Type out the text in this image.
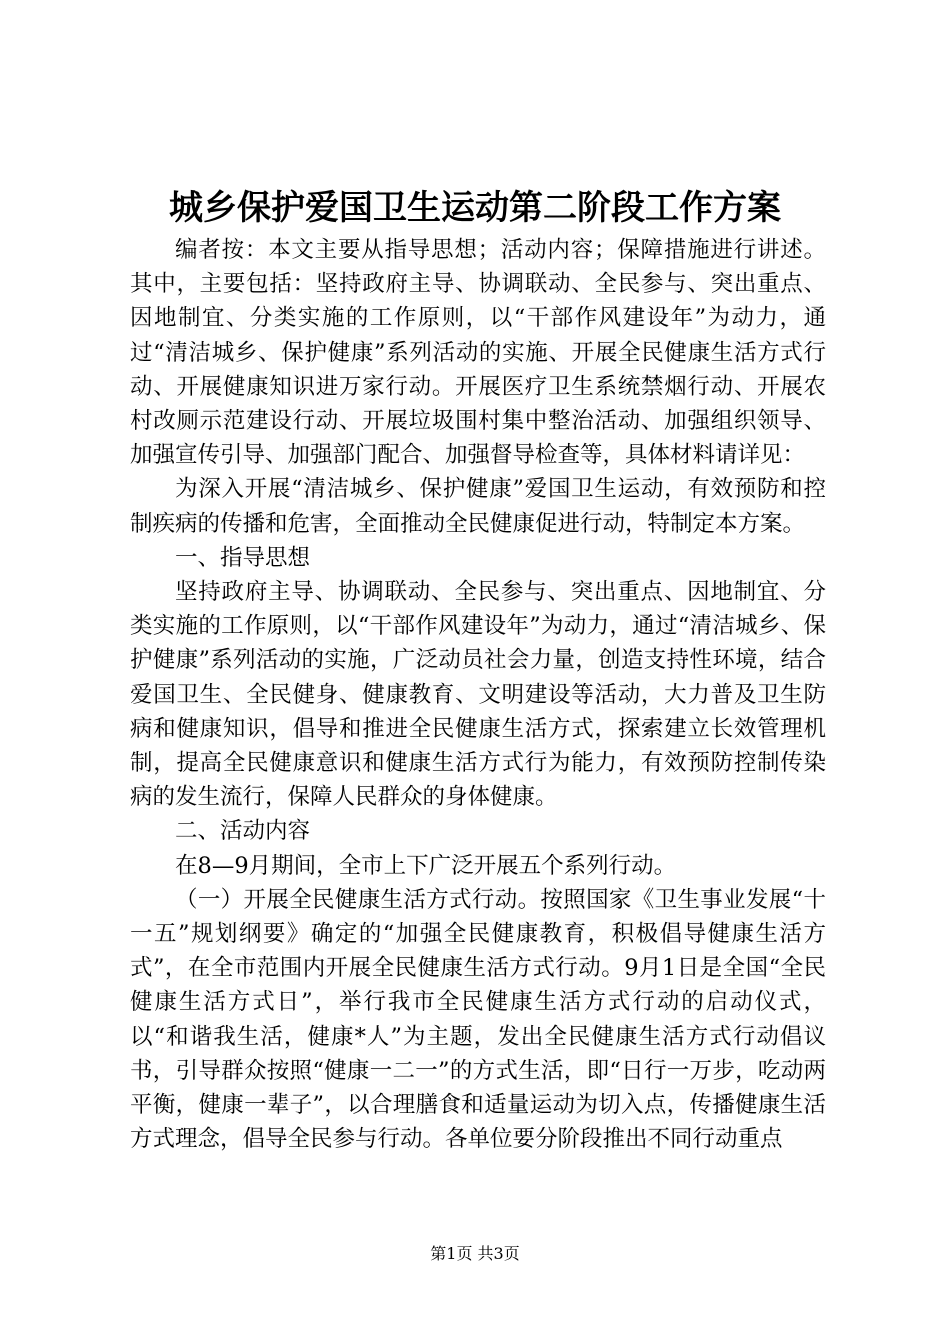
城乡保护爱国卫生运动第二阶段工作方案

编者按：本文主要从指导思想；活动内容；保障措施进行讲述。其中，主要包括：坚持政府主导、协调联动、全民参与、突出重点、因地制宜、分类实施的工作原则，以“干部作风建设年”为动力，通过“清洁城乡、保护健康”系列活动的实施、开展全民健康生活方式行动、开展健康知识进万家行动。开展医疗卫生系统禁烟行动、开展农村改厕示范建设行动、开展垃圾围村集中整治活动、加强组织领导、加强宣传引导、加强部门配合、加强督导检查等，具体材料请详见：

为深入开展“清洁城乡、保护健康”爱国卫生运动，有效预防和控制疾病的传播和危害，全面推动全民健康促进行动，特制定本方案。

一、指导思想

坚持政府主导、协调联动、全民参与、突出重点、因地制宜、分类实施的工作原则，以“干部作风建设年”为动力，通过“清洁城乡、保护健康”系列活动的实施，广泛动员社会力量，创造支持性环境，结合爱国卫生、全民健身、健康教育、文明建设等活动，大力普及卫生防病和健康知识，倡导和推进全民健康生活方式，探索建立长效管理机制，提高全民健康意识和健康生活方式行为能力，有效预防控制传染病的发生流行，保障人民群众的身体健康。

二、活动内容

在8—9月期间，全市上下广泛开展五个系列行动。

（一）开展全民健康生活方式行动。按照国家《卫生事业发展“十一五”规划纲要》确定的“加强全民健康教育，积极倡导健康生活方式”，在全市范围内开展全民健康生活方式行动。9月1日是全国“全民健康生活方式日”，举行我市全民健康生活方式行动的启动仪式，以“和谐我生活，健康*人”为主题，发出全民健康生活方式行动倡议书，引导群众按照“健康一二一”的方式生活，即“日行一万步，吃动两平衡，健康一辈子”，以合理膳食和适量运动为切入点，传播健康生活方式理念，倡导全民参与行动。各单位要分阶段推出不同行动重点

第1页 共3页
